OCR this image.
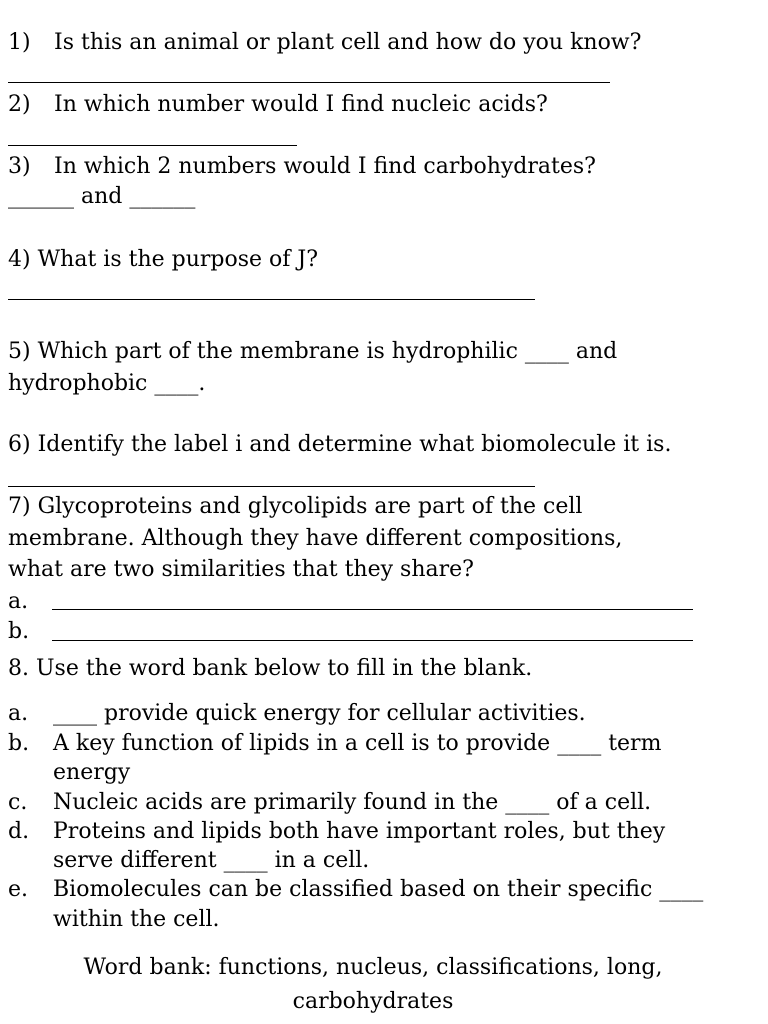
1) Is this an animal or plant cell and how do you know?
2) In which number would I find nucleic acids?
3) In which 2 numbers would I find carbohydrates?
______ and ______
4) What is the purpose of J?
5) Which part of the membrane is hydrophilic ____ and
hydrophobic ____.
6) Identify the label i and determine what biomolecule it is.
7) Glycoproteins and glycolipids are part of the cell
membrane. Although they have different compositions,
what are two similarities that they share?
a.
b.
8. Use the word bank below to fill in the blank.
a. ____ provide quick energy for cellular activities.
b. A key function of lipids in a cell is to provide ____ term
energy
c. Nucleic acids are primarily found in the ____ of a cell.
d. Proteins and lipids both have important roles, but they
serve different ____ in a cell.
e. Biomolecules can be classified based on their specific ____
within the cell.
Word bank: functions, nucleus, classifications, long,
carbohydrates
